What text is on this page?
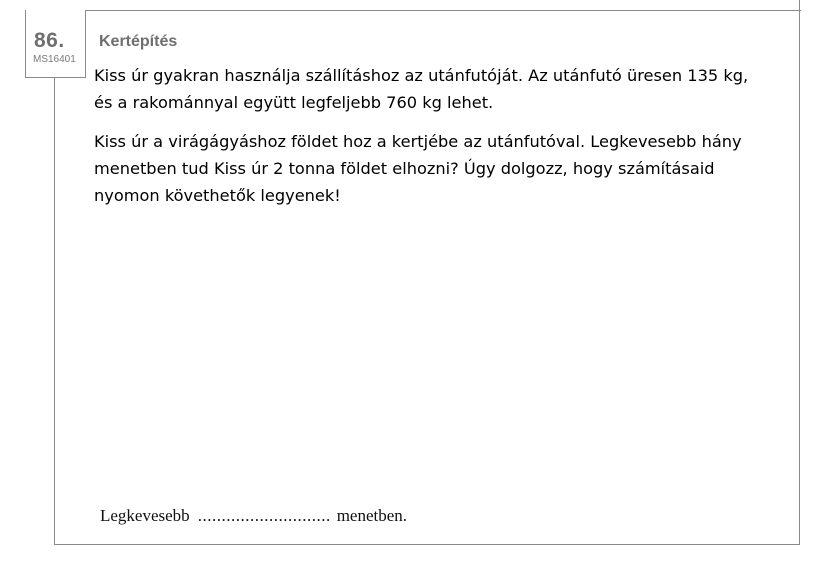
86.
MS16401
Kertépítés
Kiss úr gyakran használja szállításhoz az utánfutóját. Az utánfutó üresen 135 kg,
és a rakománnyal együtt legfeljebb 760 kg lehet.
Kiss úr a virágágyáshoz földet hoz a kertjébe az utánfutóval. Legkevesebb hány
menetben tud Kiss úr 2 tonna földet elhozni? Úgy dolgozz, hogy számításaid
nyomon követhetők legyenek!
Legkevesebb ............................ menetben.
